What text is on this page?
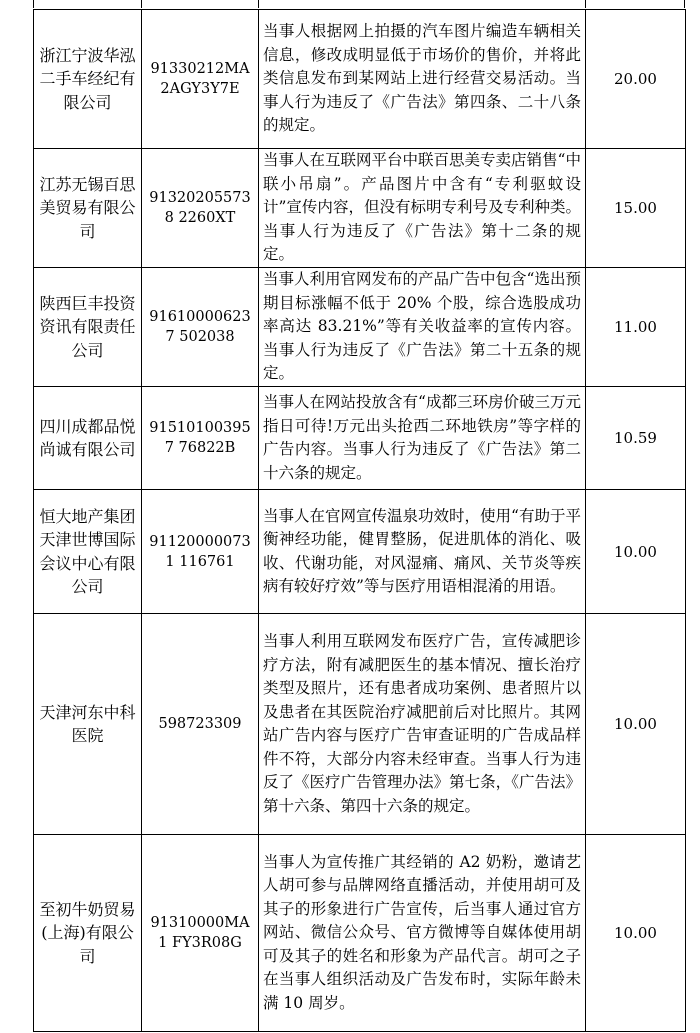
浙江宁波华泓二手车经纪有限公司	91330212MA2AGY3Y7E	当事人根据网上拍摄的汽车图片编造车辆相关信息，修改成明显低于市场价的售价，并将此类信息发布到某网站上进行经营交易活动。当事人行为违反了《广告法》第四条、二十八条的规定。	20.00
江苏无锡百思美贸易有限公司	913202055738 2260XT	当事人在互联网平台中联百思美专卖店销售“中联小吊扇”。产品图片中含有“专利驱蚊设计”宣传内容，但没有标明专利号及专利种类。当事人行为违反了《广告法》第十二条的规定。	15.00
陕西巨丰投资资讯有限责任公司	916100006237 502038	当事人利用官网发布的产品广告中包含“选出预期目标涨幅不低于 20% 个股，综合选股成功率高达 83.21%”等有关收益率的宣传内容。当事人行为违反了《广告法》第二十五条的规定。	11.00
四川成都品悦尚诚有限公司	915101003957 76822B	当事人在网站投放含有“成都三环房价破三万元指日可待!万元出头抢西二环地铁房”等字样的广告内容。当事人行为违反了《广告法》第二十六条的规定。	10.59
恒大地产集团天津世博国际会议中心有限公司	911200000731 116761	当事人在官网宣传温泉功效时，使用“有助于平衡神经功能，健胃整肠，促进肌体的消化、吸收、代谢功能，对风湿痛、痛风、关节炎等疾病有较好疗效”等与医疗用语相混淆的用语。	10.00
天津河东中科医院	598723309	当事人利用互联网发布医疗广告，宣传减肥诊疗方法，附有减肥医生的基本情况、擅长治疗类型及照片，还有患者成功案例、患者照片以及患者在其医院治疗减肥前后对比照片。其网站广告内容与医疗广告审查证明的广告成品样件不符，大部分内容未经审查。当事人行为违反了《医疗广告管理办法》第七条，《广告法》第十六条、第四十六条的规定。	10.00
至初牛奶贸易(上海)有限公司	91310000MA1 FY3R08G	当事人为宣传推广其经销的 A2 奶粉，邀请艺人胡可参与品牌网络直播活动，并使用胡可及其子的形象进行广告宣传，后当事人通过官方网站、微信公众号、官方微博等自媒体使用胡可及其子的姓名和形象为产品代言。胡可之子在当事人组织活动及广告发布时，实际年龄未满 10 周岁。	10.00
